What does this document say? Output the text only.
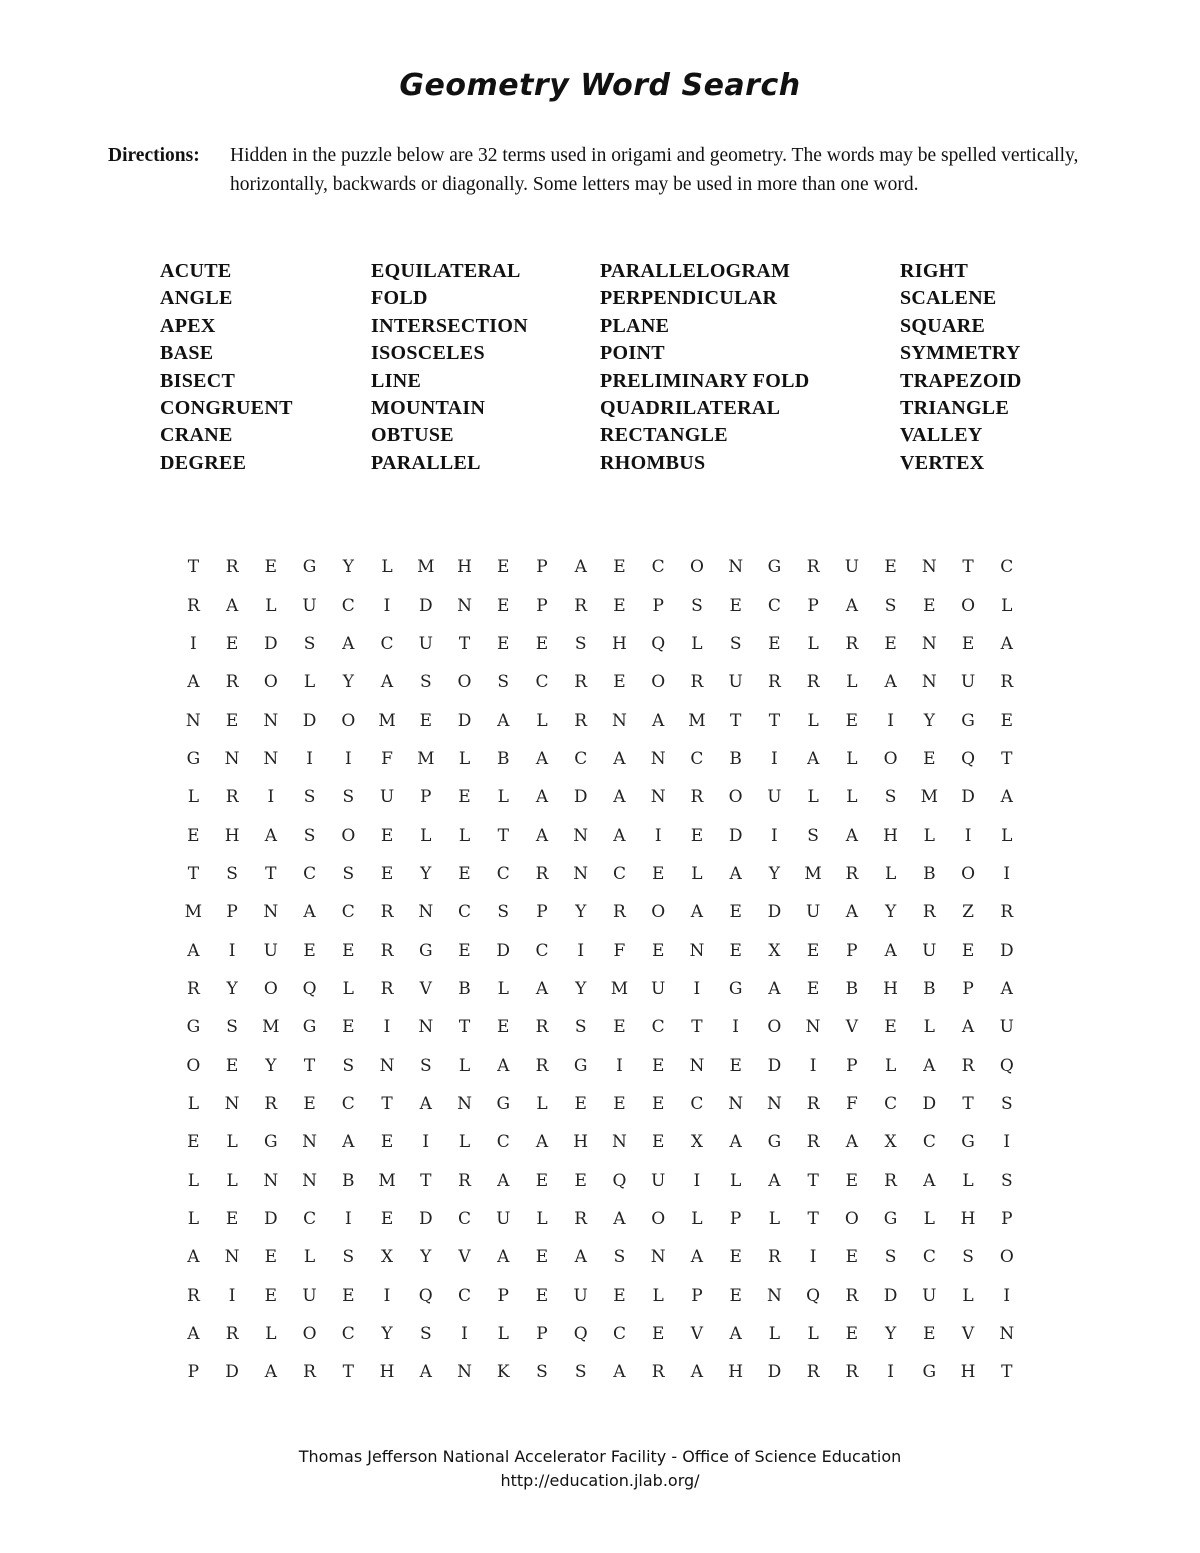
Geometry Word Search
Directions: Hidden in the puzzle below are 32 terms used in origami and geometry. The words may be spelled vertically, horizontally, backwards or diagonally. Some letters may be used in more than one word.
ACUTE
ANGLE
APEX
BASE
BISECT
CONGRUENT
CRANE
DEGREE
EQUILATERAL
FOLD
INTERSECTION
ISOSCELES
LINE
MOUNTAIN
OBTUSE
PARALLEL
PARALLELOGRAM
PERPENDICULAR
PLANE
POINT
PRELIMINARY FOLD
QUADRILATERAL
RECTANGLE
RHOMBUS
RIGHT
SCALENE
SQUARE
SYMMETRY
TRAPEZOID
TRIANGLE
VALLEY
VERTEX
T	R	E	G	Y	L	M	H	E	P	A	E	C	O	N	G	R	U	E	N	T	C
R	A	L	U	C	I	D	N	E	P	R	E	P	S	E	C	P	A	S	E	O	L
I	E	D	S	A	C	U	T	E	E	S	H	Q	L	S	E	L	R	E	N	E	A
A	R	O	L	Y	A	S	O	S	C	R	E	O	R	U	R	R	L	A	N	U	R
N	E	N	D	O	M	E	D	A	L	R	N	A	M	T	T	L	E	I	Y	G	E
G	N	N	I	I	F	M	L	B	A	C	A	N	C	B	I	A	L	O	E	Q	T
L	R	I	S	S	U	P	E	L	A	D	A	N	R	O	U	L	L	S	M	D	A
E	H	A	S	O	E	L	L	T	A	N	A	I	E	D	I	S	A	H	L	I	L
T	S	T	C	S	E	Y	E	C	R	N	C	E	L	A	Y	M	R	L	B	O	I
M	P	N	A	C	R	N	C	S	P	Y	R	O	A	E	D	U	A	Y	R	Z	R
A	I	U	E	E	R	G	E	D	C	I	F	E	N	E	X	E	P	A	U	E	D
R	Y	O	Q	L	R	V	B	L	A	Y	M	U	I	G	A	E	B	H	B	P	A
G	S	M	G	E	I	N	T	E	R	S	E	C	T	I	O	N	V	E	L	A	U
O	E	Y	T	S	N	S	L	A	R	G	I	E	N	E	D	I	P	L	A	R	Q
L	N	R	E	C	T	A	N	G	L	E	E	E	C	N	N	R	F	C	D	T	S
E	L	G	N	A	E	I	L	C	A	H	N	E	X	A	G	R	A	X	C	G	I
L	L	N	N	B	M	T	R	A	E	E	Q	U	I	L	A	T	E	R	A	L	S
L	E	D	C	I	E	D	C	U	L	R	A	O	L	P	L	T	O	G	L	H	P
A	N	E	L	S	X	Y	V	A	E	A	S	N	A	E	R	I	E	S	C	S	O
R	I	E	U	E	I	Q	C	P	E	U	E	L	P	E	N	Q	R	D	U	L	I
A	R	L	O	C	Y	S	I	L	P	Q	C	E	V	A	L	L	E	Y	E	V	N
P	D	A	R	T	H	A	N	K	S	S	A	R	A	H	D	R	R	I	G	H	T
Thomas Jefferson National Accelerator Facility - Office of Science Education
http://education.jlab.org/
